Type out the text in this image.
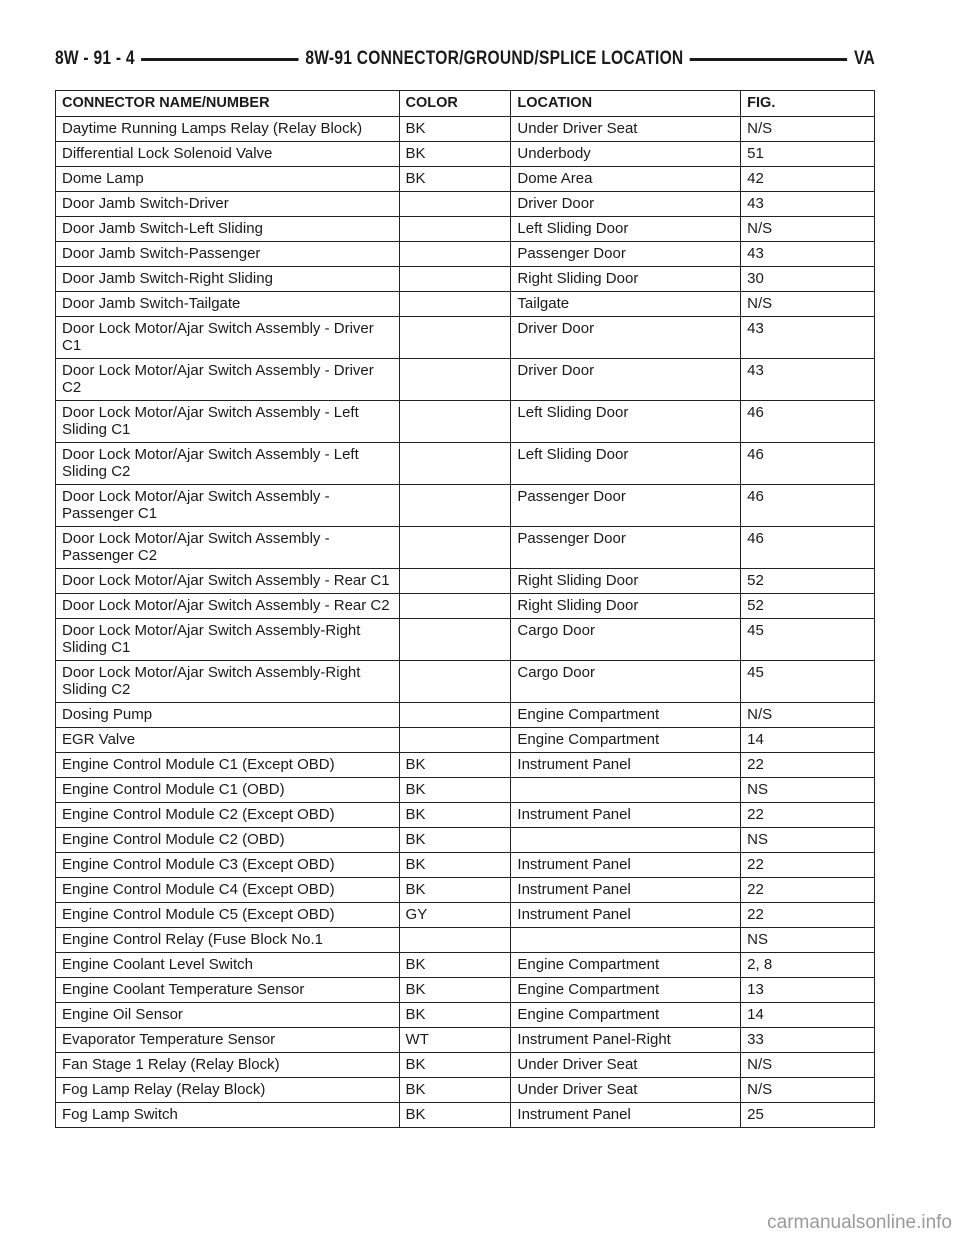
8W - 91 - 4	8W-91 CONNECTOR/GROUND/SPLICE LOCATION	VA
CONNECTOR NAME/NUMBER	COLOR	LOCATION	FIG.
Daytime Running Lamps Relay (Relay Block)	BK	Under Driver Seat	N/S
Differential Lock Solenoid Valve	BK	Underbody	51
Dome Lamp	BK	Dome Area	42
Door Jamb Switch-Driver		Driver Door	43
Door Jamb Switch-Left Sliding		Left Sliding Door	N/S
Door Jamb Switch-Passenger		Passenger Door	43
Door Jamb Switch-Right Sliding		Right Sliding Door	30
Door Jamb Switch-Tailgate		Tailgate	N/S
Door Lock Motor/Ajar Switch Assembly - Driver C1		Driver Door	43
Door Lock Motor/Ajar Switch Assembly - Driver C2		Driver Door	43
Door Lock Motor/Ajar Switch Assembly - Left Sliding C1		Left Sliding Door	46
Door Lock Motor/Ajar Switch Assembly - Left Sliding C2		Left Sliding Door	46
Door Lock Motor/Ajar Switch Assembly - Passenger C1		Passenger Door	46
Door Lock Motor/Ajar Switch Assembly - Passenger C2		Passenger Door	46
Door Lock Motor/Ajar Switch Assembly - Rear C1		Right Sliding Door	52
Door Lock Motor/Ajar Switch Assembly - Rear C2		Right Sliding Door	52
Door Lock Motor/Ajar Switch Assembly-Right Sliding C1		Cargo Door	45
Door Lock Motor/Ajar Switch Assembly-Right Sliding C2		Cargo Door	45
Dosing Pump		Engine Compartment	N/S
EGR Valve		Engine Compartment	14
Engine Control Module C1 (Except OBD)	BK	Instrument Panel	22
Engine Control Module C1 (OBD)	BK		NS
Engine Control Module C2 (Except OBD)	BK	Instrument Panel	22
Engine Control Module C2 (OBD)	BK		NS
Engine Control Module C3 (Except OBD)	BK	Instrument Panel	22
Engine Control Module C4 (Except OBD)	BK	Instrument Panel	22
Engine Control Module C5 (Except OBD)	GY	Instrument Panel	22
Engine Control Relay (Fuse Block No.1			NS
Engine Coolant Level Switch	BK	Engine Compartment	2, 8
Engine Coolant Temperature Sensor	BK	Engine Compartment	13
Engine Oil Sensor	BK	Engine Compartment	14
Evaporator Temperature Sensor	WT	Instrument Panel-Right	33
Fan Stage 1 Relay (Relay Block)	BK	Under Driver Seat	N/S
Fog Lamp Relay (Relay Block)	BK	Under Driver Seat	N/S
Fog Lamp Switch	BK	Instrument Panel	25
carmanualsonline.info
